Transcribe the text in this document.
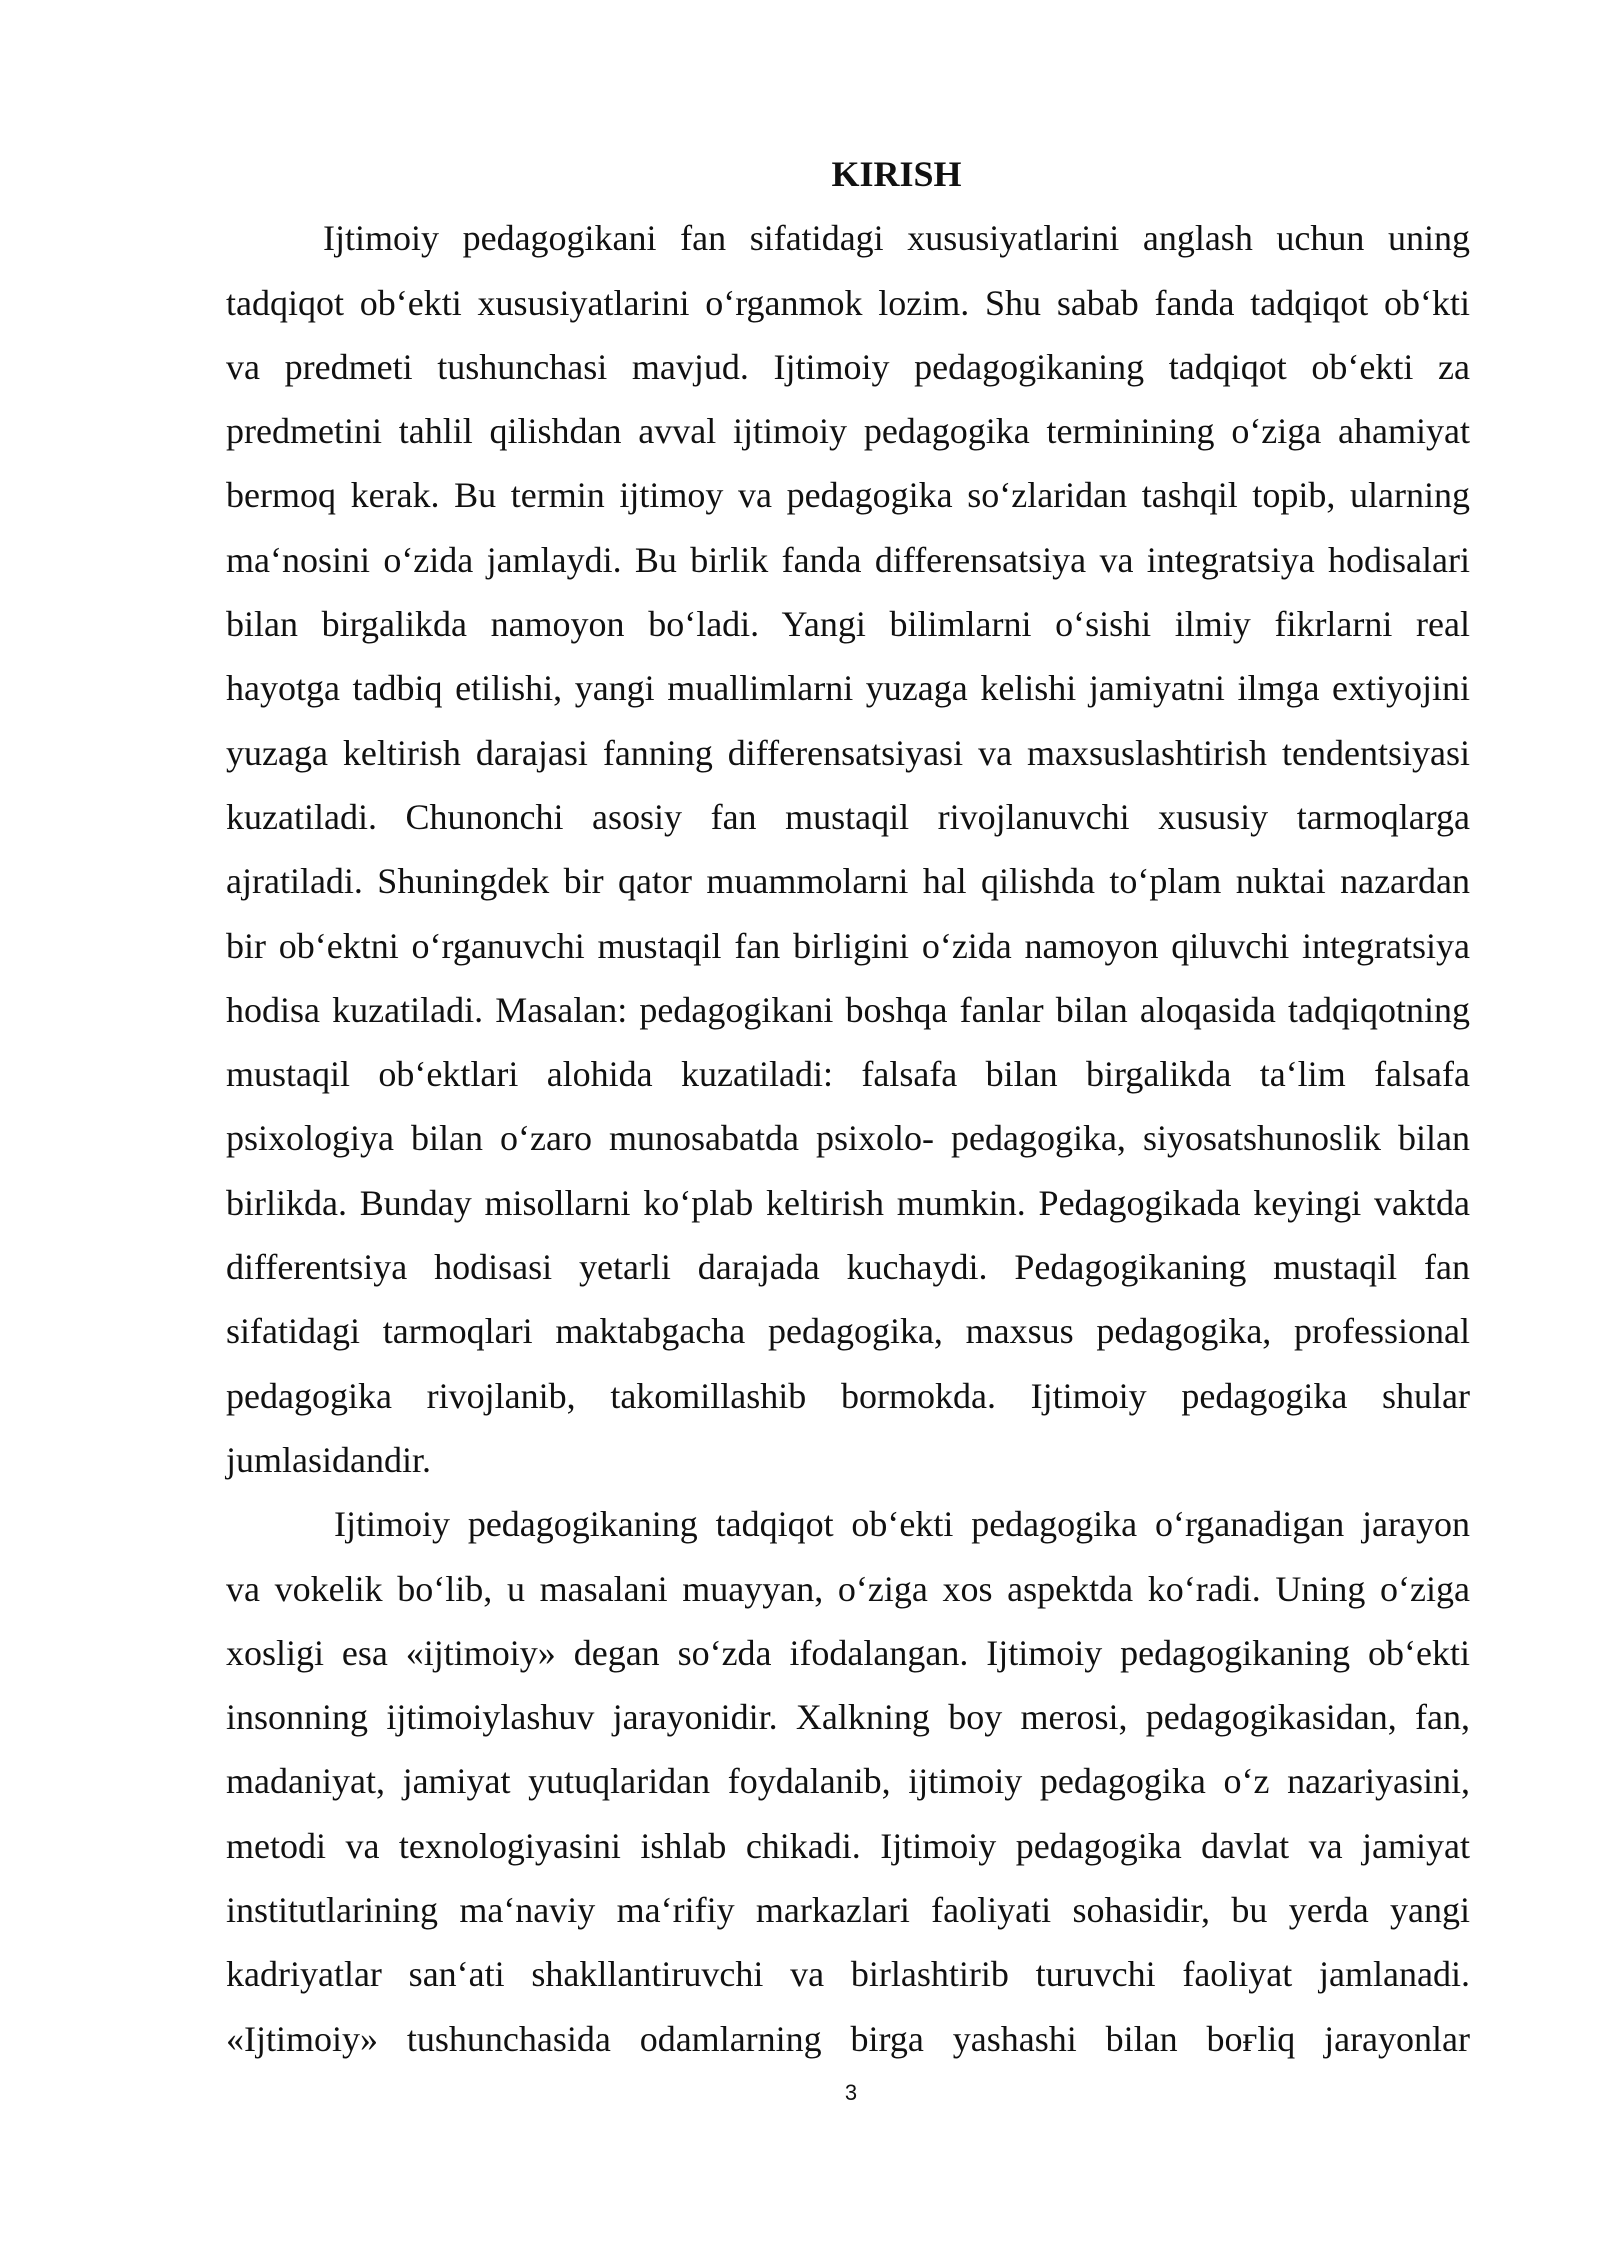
KIRISH
Ijtimoiy pedagogikani fan sifatidagi xususiyatlarini anglash uchun uning
tadqiqot ob‘ekti xususiyatlarini o‘rganmok lozim. Shu sabab fanda tadqiqot ob‘kti
va predmeti tushunchasi mavjud. Ijtimoiy pedagogikaning tadqiqot ob‘ekti za
predmetini tahlil qilishdan avval ijtimoiy pedagogika terminining o‘ziga ahamiyat
bermoq kerak. Bu termin ijtimoy va pedagogika so‘zlaridan tashqil topib, ularning
ma‘nosini o‘zida jamlaydi. Bu birlik fanda differensatsiya va integratsiya hodisalari
bilan birgalikda namoyon bo‘ladi. Yangi bilimlarni o‘sishi ilmiy fikrlarni real
hayotga tadbiq etilishi, yangi muallimlarni yuzaga kelishi jamiyatni ilmga extiyojini
yuzaga keltirish darajasi fanning differensatsiyasi va maxsuslashtirish tendentsiyasi
kuzatiladi. Chunonchi asosiy fan mustaqil rivojlanuvchi xususiy tarmoqlarga
ajratiladi. Shuningdek bir qator muammolarni hal qilishda to‘plam nuktai nazardan
bir ob‘ektni o‘rganuvchi mustaqil fan birligini o‘zida namoyon qiluvchi integratsiya
hodisa kuzatiladi. Masalan: pedagogikani boshqa fanlar bilan aloqasida tadqiqotning
mustaqil ob‘ektlari alohida kuzatiladi: falsafa bilan birgalikda ta‘lim falsafa
psixologiya bilan o‘zaro munosabatda psixolo- pedagogika, siyosatshunoslik bilan
birlikda. Bunday misollarni ko‘plab keltirish mumkin. Pedagogikada keyingi vaktda
differentsiya hodisasi yetarli darajada kuchaydi. Pedagogikaning mustaqil fan
sifatidagi tarmoqlari maktabgacha pedagogika, maxsus pedagogika, professional
pedagogika rivojlanib, takomillashib bormokda. Ijtimoiy pedagogika shular
jumlasidandir.
Ijtimoiy pedagogikaning tadqiqot ob‘ekti pedagogika o‘rganadigan jarayon
va vokelik bo‘lib, u masalani muayyan, o‘ziga xos aspektda ko‘radi. Uning o‘ziga
xosligi esa «ijtimoiy» degan so‘zda ifodalangan. Ijtimoiy pedagogikaning ob‘ekti
insonning ijtimoiylashuv jarayonidir. Xalkning boy merosi, pedagogikasidan, fan,
madaniyat, jamiyat yutuqlaridan foydalanib, ijtimoiy pedagogika o‘z nazariyasini,
metodi va texnologiyasini ishlab chikadi. Ijtimoiy pedagogika davlat va jamiyat
institutlarining ma‘naviy ma‘rifiy markazlari faoliyati sohasidir, bu yerda yangi
kadriyatlar san‘ati shakllantiruvchi va birlashtirib turuvchi faoliyat jamlanadi.
«Ijtimoiy» tushunchasida odamlarning birga yashashi bilan boғliq jarayonlar
3
